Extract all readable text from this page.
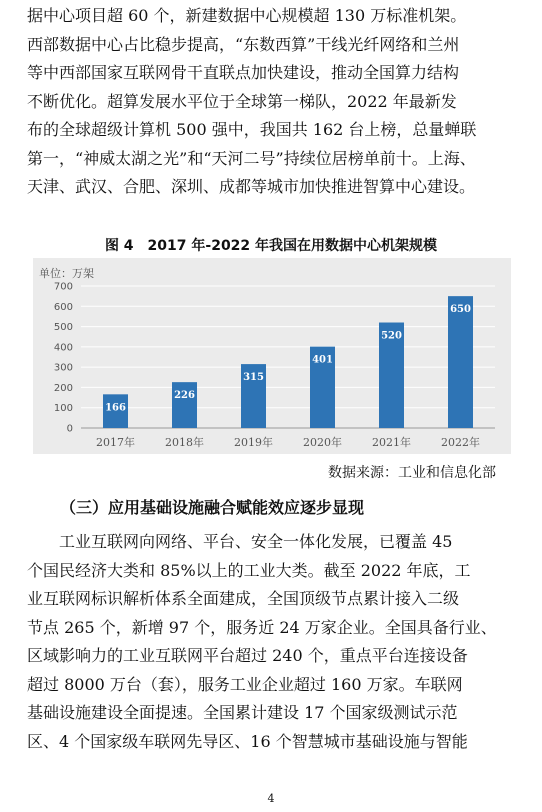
据中心项目超 60 个，新建数据中心规模超 130 万标准机架。
西部数据中心占比稳步提高，“东数西算”干线光纤网络和兰州
等中西部国家互联网骨干直联点加快建设，推动全国算力结构
不断优化。超算发展水平位于全球第一梯队，2022 年最新发
布的全球超级计算机 500 强中，我国共 162 台上榜，总量蝉联
第一，“神威太湖之光”和“天河二号”持续位居榜单前十。上海、
天津、武汉、合肥、深圳、成都等城市加快推进智算中心建设。

图 4　2017 年-2022 年我国在用数据中心机架规模
单位：万架
0
100
200
300
400
500
600
700
166
226
315
401
520
650
2017年	2018年	2019年	2020年	2021年	2022年
数据来源：工业和信息化部
（三）应用基础设施融合赋能效应逐步显现

　　工业互联网向网络、平台、安全一体化发展，已覆盖 45
个国民经济大类和 85%以上的工业大类。截至 2022 年底，工
业互联网标识解析体系全面建成，全国顶级节点累计接入二级
节点 265 个，新增 97 个，服务近 24 万家企业。全国具备行业、
区域影响力的工业互联网平台超过 240 个，重点平台连接设备
超过 8000 万台（套），服务工业企业超过 160 万家。车联网
基础设施建设全面提速。全国累计建设 17 个国家级测试示范
区、4 个国家级车联网先导区、16 个智慧城市基础设施与智能

4
